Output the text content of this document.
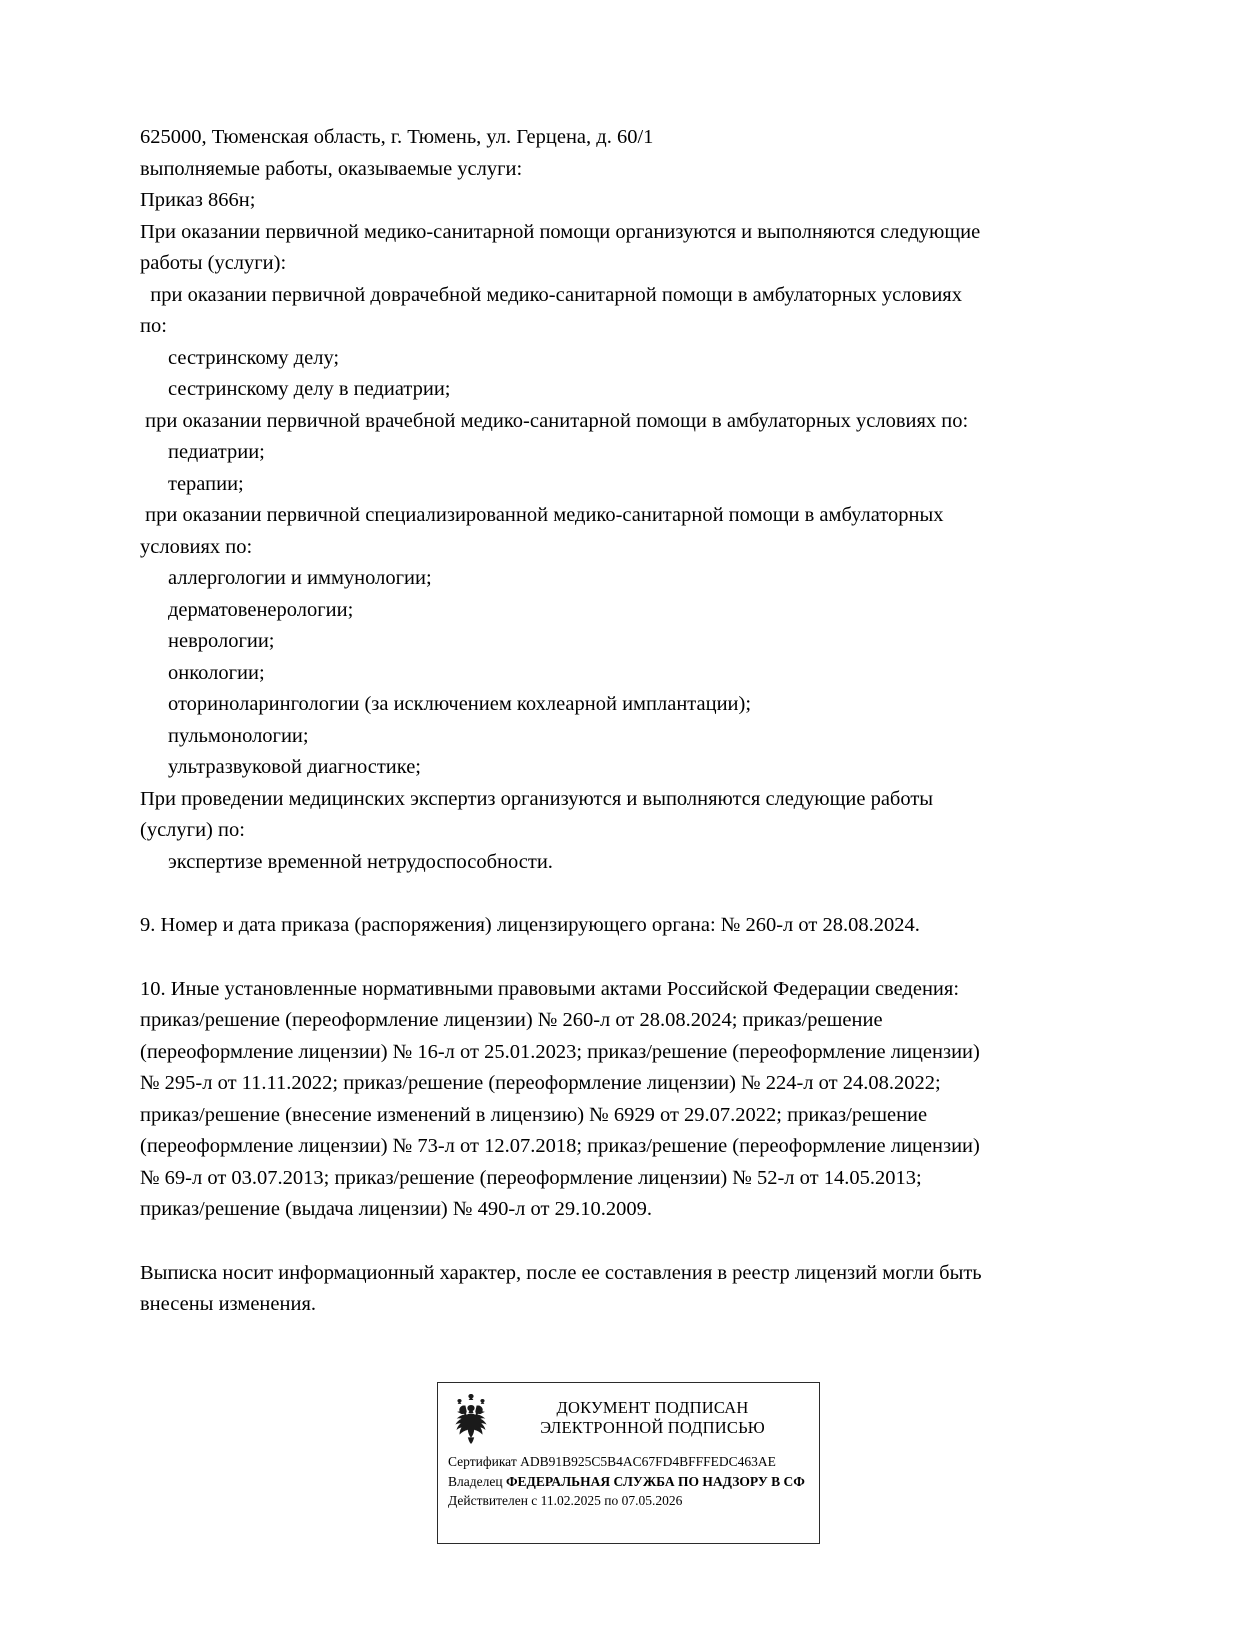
625000, Тюменская область, г. Тюмень, ул. Герцена, д. 60/1
выполняемые работы, оказываемые услуги:
Приказ 866н;
При оказании первичной медико-санитарной помощи организуются и выполняются следующие
работы (услуги):
при оказании первичной доврачебной медико-санитарной помощи в амбулаторных условиях
по:
сестринскому делу;
сестринскому делу в педиатрии;
при оказании первичной врачебной медико-санитарной помощи в амбулаторных условиях по:
педиатрии;
терапии;
при оказании первичной специализированной медико-санитарной помощи в амбулаторных
условиях по:
аллергологии и иммунологии;
дерматовенерологии;
неврологии;
онкологии;
оториноларингологии (за исключением кохлеарной имплантации);
пульмонологии;
ультразвуковой диагностике;
При проведении медицинских экспертиз организуются и выполняются следующие работы
(услуги) по:
экспертизе временной нетрудоспособности.
9. Номер и дата приказа (распоряжения) лицензирующего органа: № 260-л от 28.08.2024.
10. Иные установленные нормативными правовыми актами Российской Федерации сведения:
приказ/решение (переоформление лицензии) № 260-л от 28.08.2024; приказ/решение
(переоформление лицензии) № 16-л от 25.01.2023; приказ/решение (переоформление лицензии)
№ 295-л от 11.11.2022; приказ/решение (переоформление лицензии) № 224-л от 24.08.2022;
приказ/решение (внесение изменений в лицензию) № 6929 от 29.07.2022; приказ/решение
(переоформление лицензии) № 73-л от 12.07.2018; приказ/решение (переоформление лицензии)
№ 69-л от 03.07.2013; приказ/решение (переоформление лицензии) № 52-л от 14.05.2013;
приказ/решение (выдача лицензии) № 490-л от 29.10.2009.
Выписка носит информационный характер, после ее составления в реестр лицензий могли быть
внесены изменения.
ДОКУМЕНТ ПОДПИСАН
ЭЛЕКТРОННОЙ ПОДПИСЬЮ
Сертификат ADB91B925C5B4AC67FD4BFFFEDC463AE
Владелец ФЕДЕРАЛЬНАЯ СЛУЖБА ПО НАДЗОРУ В СФ
Действителен с 11.02.2025 по 07.05.2026
